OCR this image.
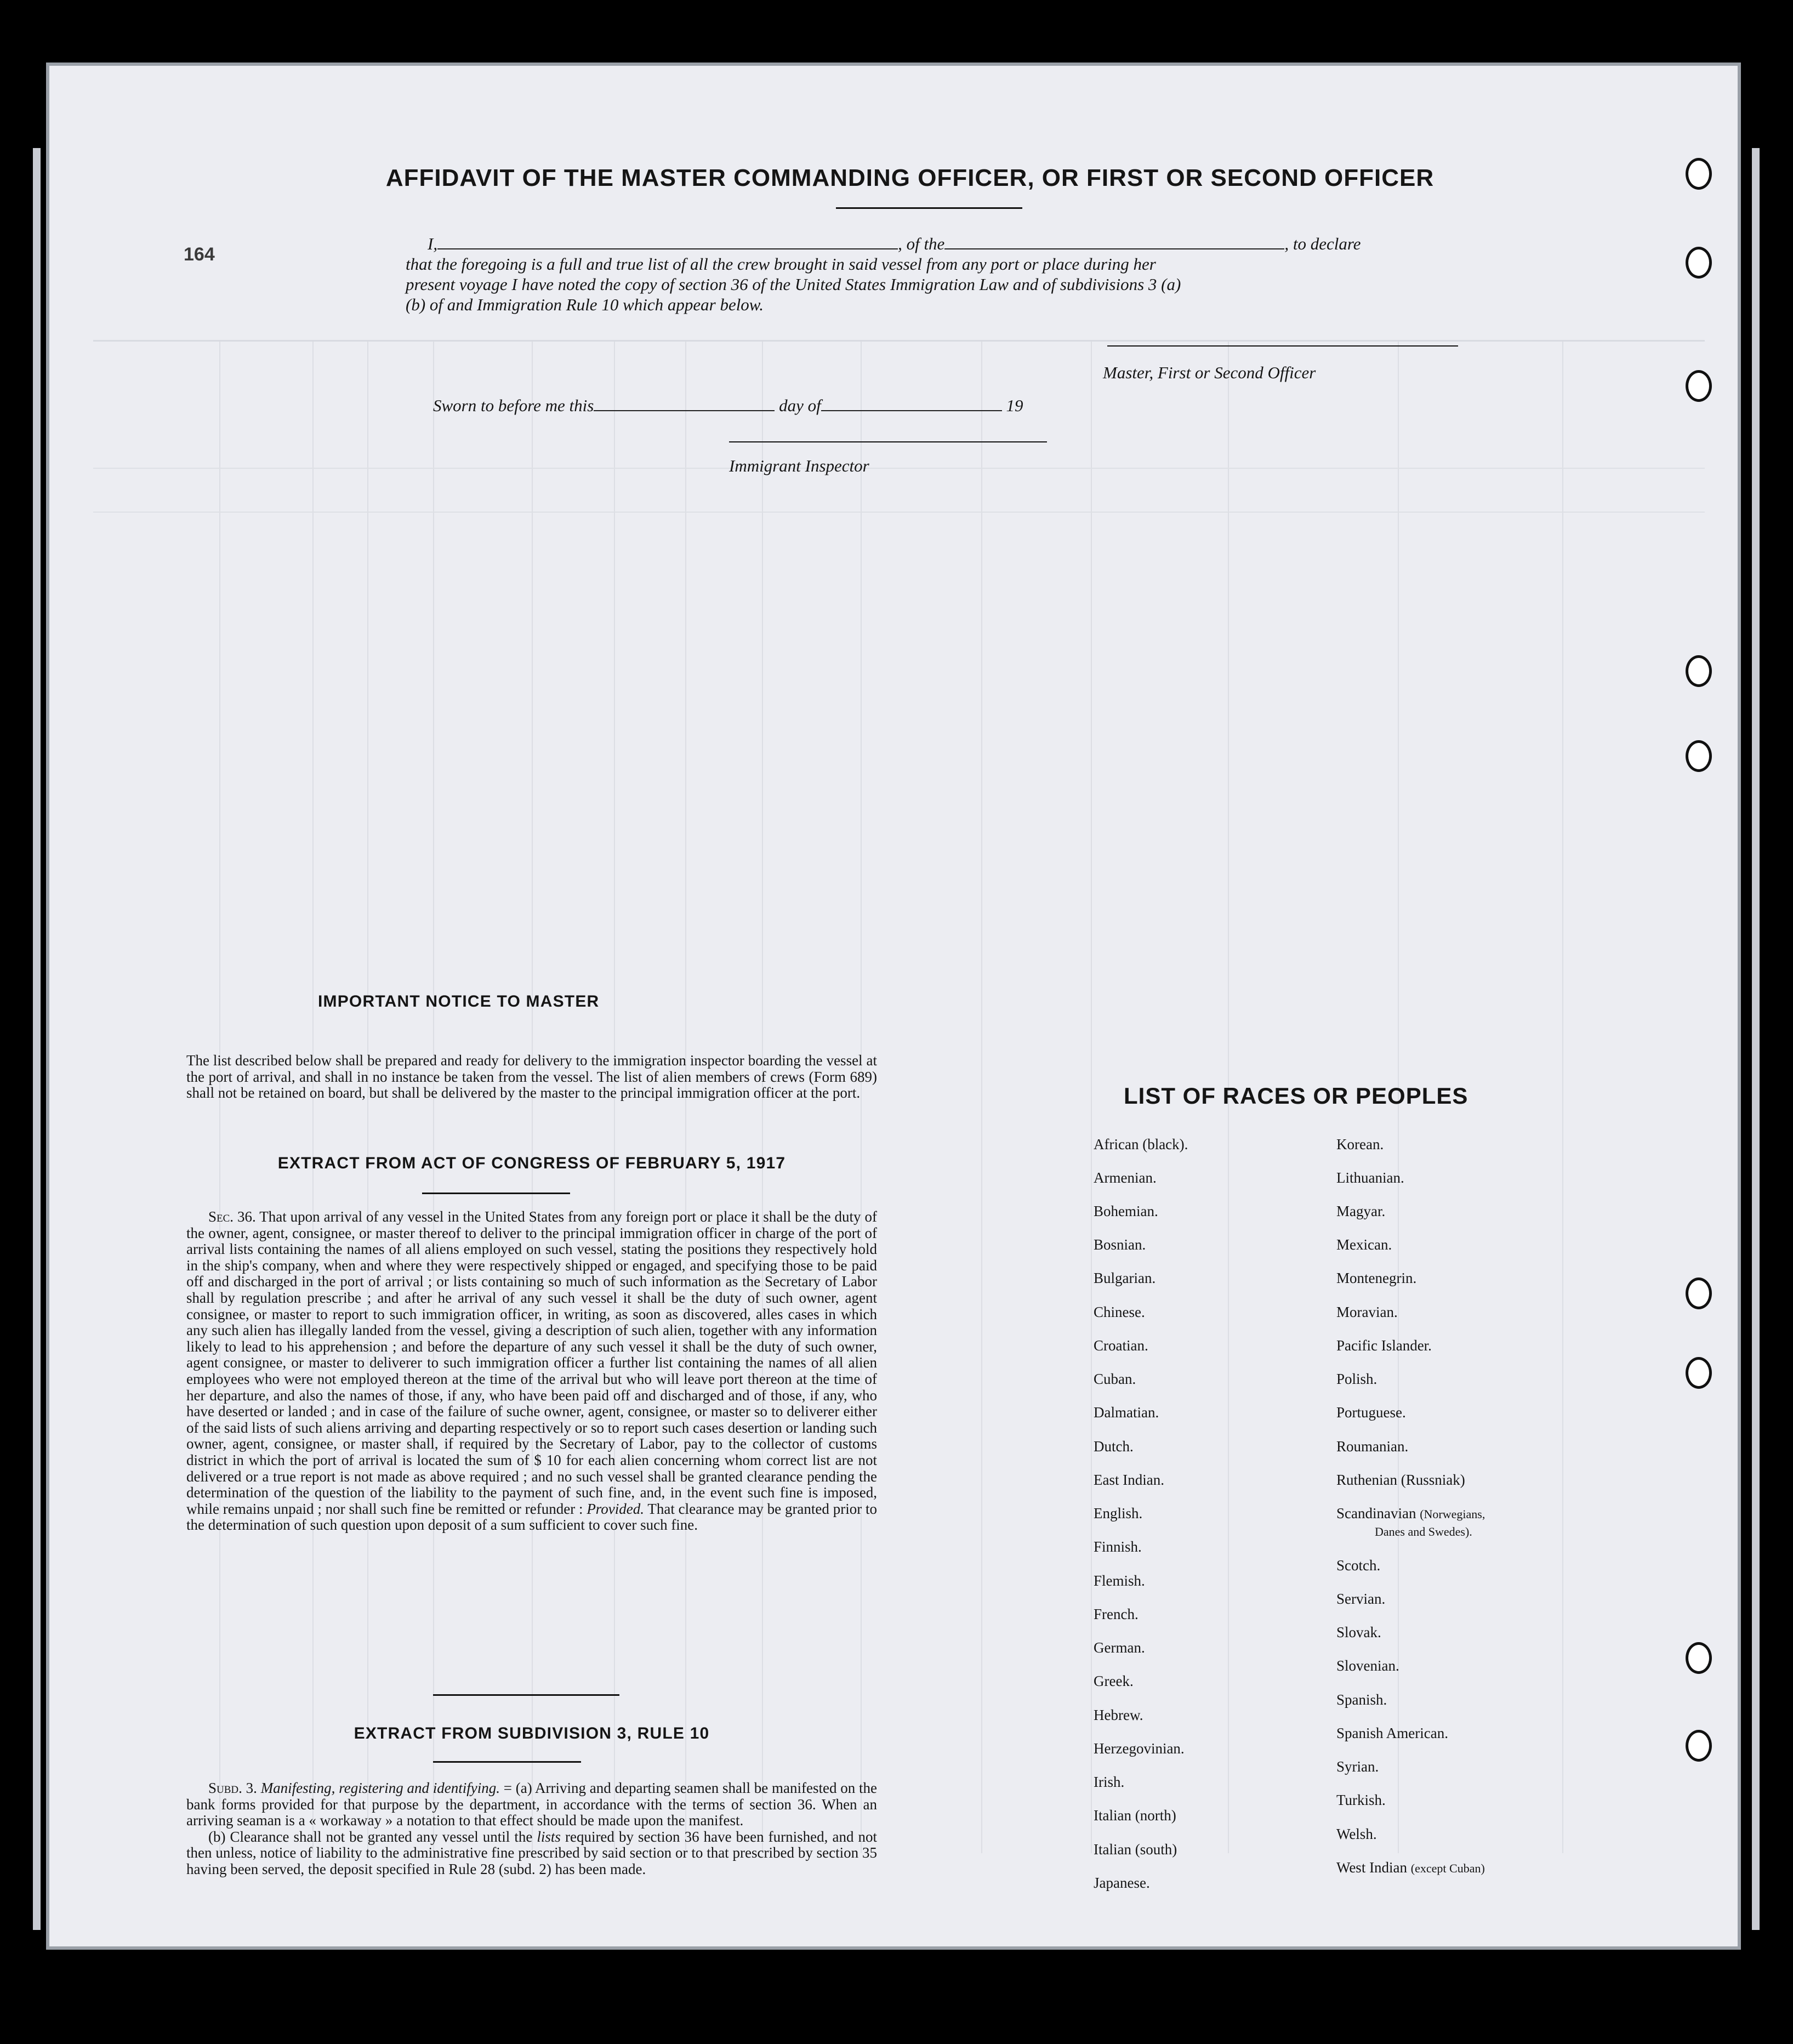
164
AFFIDAVIT OF THE MASTER COMMANDING OFFICER, OR FIRST OR SECOND OFFICER
I,	, of the	, to declare
that the foregoing is a full and true list of all the crew brought in said vessel from any port or place during her
present voyage I have noted the copy of section 36 of the United States Immigration Law and of subdivisions 3 (a)
(b) of and Immigration Rule 10 which appear below.
Master, First or Second Officer
Sworn to before me this	day of	19
Immigrant Inspector
IMPORTANT NOTICE TO MASTER
The list described below shall be prepared and ready for delivery to the immigration inspector boarding the vessel at the port of arrival, and shall in no instance be taken from the vessel. The list of alien members of crews (Form 689) shall not be retained on board, but shall be delivered by the master to the principal immigration officer at the port.
EXTRACT FROM ACT OF CONGRESS OF FEBRUARY 5, 1917
Sec. 36. That upon arrival of any vessel in the United States from any foreign port or place it shall be the duty of the owner, agent, consignee, or master thereof to deliver to the principal immigration officer in charge of the port of arrival lists containing the names of all aliens employed on such vessel, stating the positions they respectively hold in the ship's company, when and where they were respectively shipped or engaged, and specifying those to be paid off and discharged in the port of arrival ; or lists containing so much of such information as the Secretary of Labor shall by regulation prescribe ; and after he arrival of any such vessel it shall be the duty of such owner, agent consignee, or master to report to such immigration officer, in writing, as soon as discovered, alles cases in which any such alien has illegally landed from the vessel, giving a description of such alien, together with any information likely to lead to his apprehension ; and before the departure of any such vessel it shall be the duty of such owner, agent consignee, or master to deliverer to such immigration officer a further list containing the names of all alien employees who were not employed thereon at the time of the arrival but who will leave port thereon at the time of her departure, and also the names of those, if any, who have been paid off and discharged and of those, if any, who have deserted or landed ; and in case of the failure of suche owner, agent, consignee, or master so to deliverer either of the said lists of such aliens arriving and departing respectively or so to report such cases desertion or landing such owner, agent, consignee, or master shall, if required by the Secretary of Labor, pay to the collector of customs district in which the port of arrival is located the sum of $ 10 for each alien concerning whom correct list are not delivered or a true report is not made as above required ; and no such vessel shall be granted clearance pending the determination of the question of the liability to the payment of such fine, and, in the event such fine is imposed, while remains unpaid ; nor shall such fine be remitted or refunder : Provided. That clearance may be granted prior to the determination of such question upon deposit of a sum sufficient to cover such fine.
EXTRACT FROM SUBDIVISION 3, RULE 10
Subd. 3. Manifesting, registering and identifying. = (a) Arriving and departing seamen shall be manifested on the bank forms provided for that purpose by the department, in accordance with the terms of section 36. When an arriving seaman is a « workaway » a notation to that effect should be made upon the manifest.
(b) Clearance shall not be granted any vessel until the lists required by section 36 have been furnished, and not then unless, notice of liability to the administrative fine prescribed by said section or to that prescribed by section 35 having been served, the deposit specified in Rule 28 (subd. 2) has been made.
LIST OF RACES OR PEOPLES
African (black).
Armenian.
Bohemian.
Bosnian.
Bulgarian.
Chinese.
Croatian.
Cuban.
Dalmatian.
Dutch.
East Indian.
English.
Finnish.
Flemish.
French.
German.
Greek.
Hebrew.
Herzegovinian.
Irish.
Italian (north)
Italian (south)
Japanese.
Korean.
Lithuanian.
Magyar.
Mexican.
Montenegrin.
Moravian.
Pacific Islander.
Polish.
Portuguese.
Roumanian.
Ruthenian (Russniak)
Scandinavian (Norwegians,
Danes and Swedes).
Scotch.
Servian.
Slovak.
Slovenian.
Spanish.
Spanish American.
Syrian.
Turkish.
Welsh.
West Indian (except Cuban)
